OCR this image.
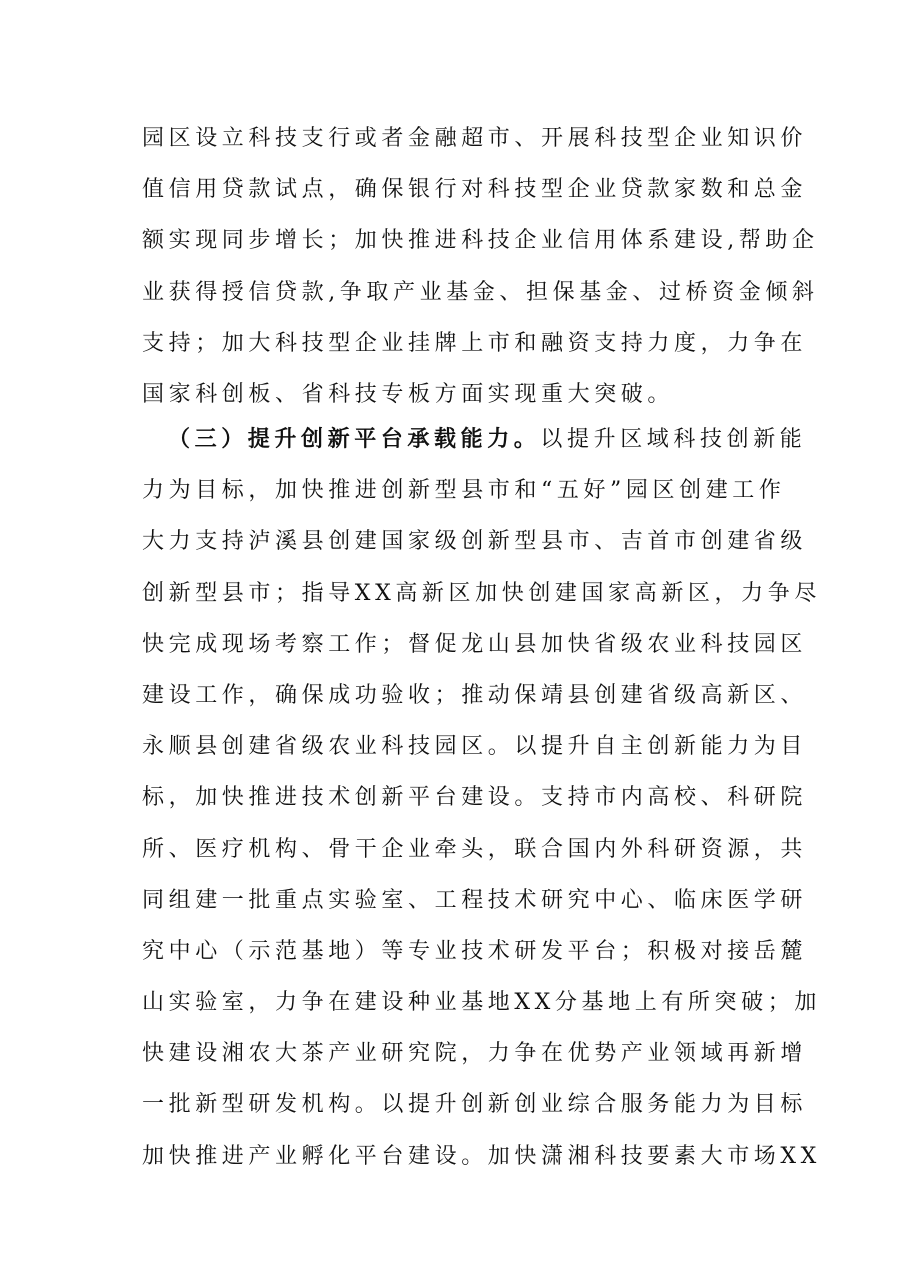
园区设立科技支行或者金融超市、开展科技型企业知识价
值信用贷款试点，确保银行对科技型企业贷款家数和总金
额实现同步增长；加快推进科技企业信用体系建设,帮助企
业获得授信贷款,争取产业基金、担保基金、过桥资金倾斜
支持；加大科技型企业挂牌上市和融资支持力度，力争在
国家科创板、省科技专板方面实现重大突破。
（三）提升创新平台承载能力。以提升区域科技创新能
力为目标，加快推进创新型县市和“五好”园区创建工作
大力支持泸溪县创建国家级创新型县市、吉首市创建省级
创新型县市；指导XX高新区加快创建国家高新区，力争尽
快完成现场考察工作；督促龙山县加快省级农业科技园区
建设工作，确保成功验收；推动保靖县创建省级高新区、
永顺县创建省级农业科技园区。以提升自主创新能力为目
标，加快推进技术创新平台建设。支持市内高校、科研院
所、医疗机构、骨干企业牵头，联合国内外科研资源，共
同组建一批重点实验室、工程技术研究中心、临床医学研
究中心（示范基地）等专业技术研发平台；积极对接岳麓
山实验室，力争在建设种业基地XX分基地上有所突破；加
快建设湘农大茶产业研究院，力争在优势产业领域再新增
一批新型研发机构。以提升创新创业综合服务能力为目标
加快推进产业孵化平台建设。加快潇湘科技要素大市场XX
